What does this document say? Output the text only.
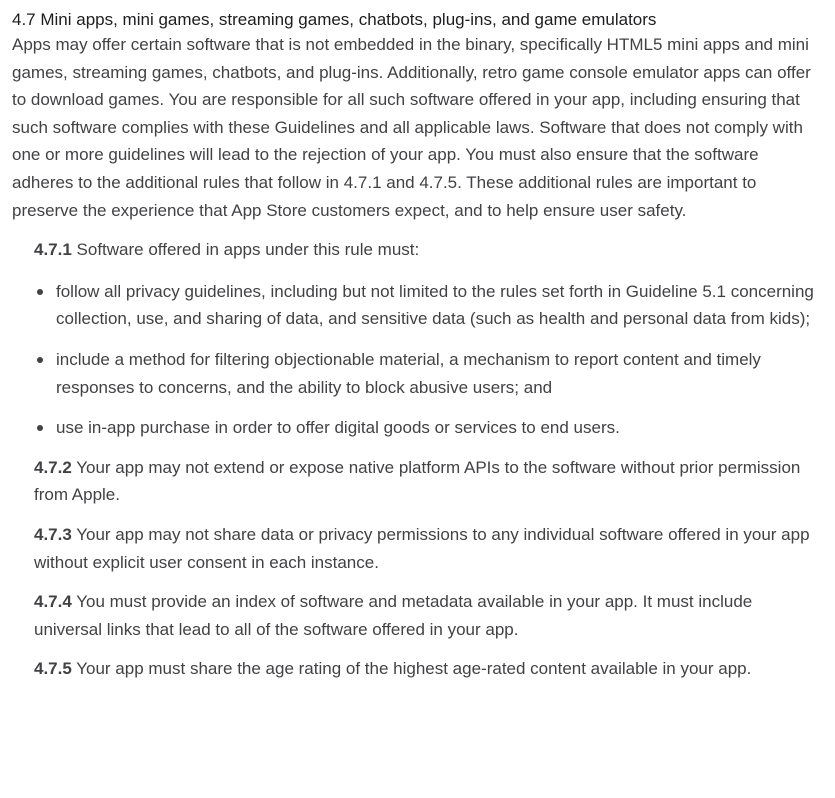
4.7 Mini apps, mini games, streaming games, chatbots, plug-ins, and game emulators

Apps may offer certain software that is not embedded in the binary, specifically HTML5 mini apps and mini games, streaming games, chatbots, and plug-ins. Additionally, retro game console emulator apps can offer to download games. You are responsible for all such software offered in your app, including ensuring that such software complies with these Guidelines and all applicable laws. Software that does not comply with one or more guidelines will lead to the rejection of your app. You must also ensure that the software adheres to the additional rules that follow in 4.7.1 and 4.7.5. These additional rules are important to preserve the experience that App Store customers expect, and to help ensure user safety.

4.7.1 Software offered in apps under this rule must:

follow all privacy guidelines, including but not limited to the rules set forth in Guideline 5.1 concerning collection, use, and sharing of data, and sensitive data (such as health and personal data from kids);
include a method for filtering objectionable material, a mechanism to report content and timely responses to concerns, and the ability to block abusive users; and
use in-app purchase in order to offer digital goods or services to end users.

4.7.2 Your app may not extend or expose native platform APIs to the software without prior permission from Apple.

4.7.3 Your app may not share data or privacy permissions to any individual software offered in your app without explicit user consent in each instance.

4.7.4 You must provide an index of software and metadata available in your app. It must include universal links that lead to all of the software offered in your app.

4.7.5 Your app must share the age rating of the highest age-rated content available in your app.
